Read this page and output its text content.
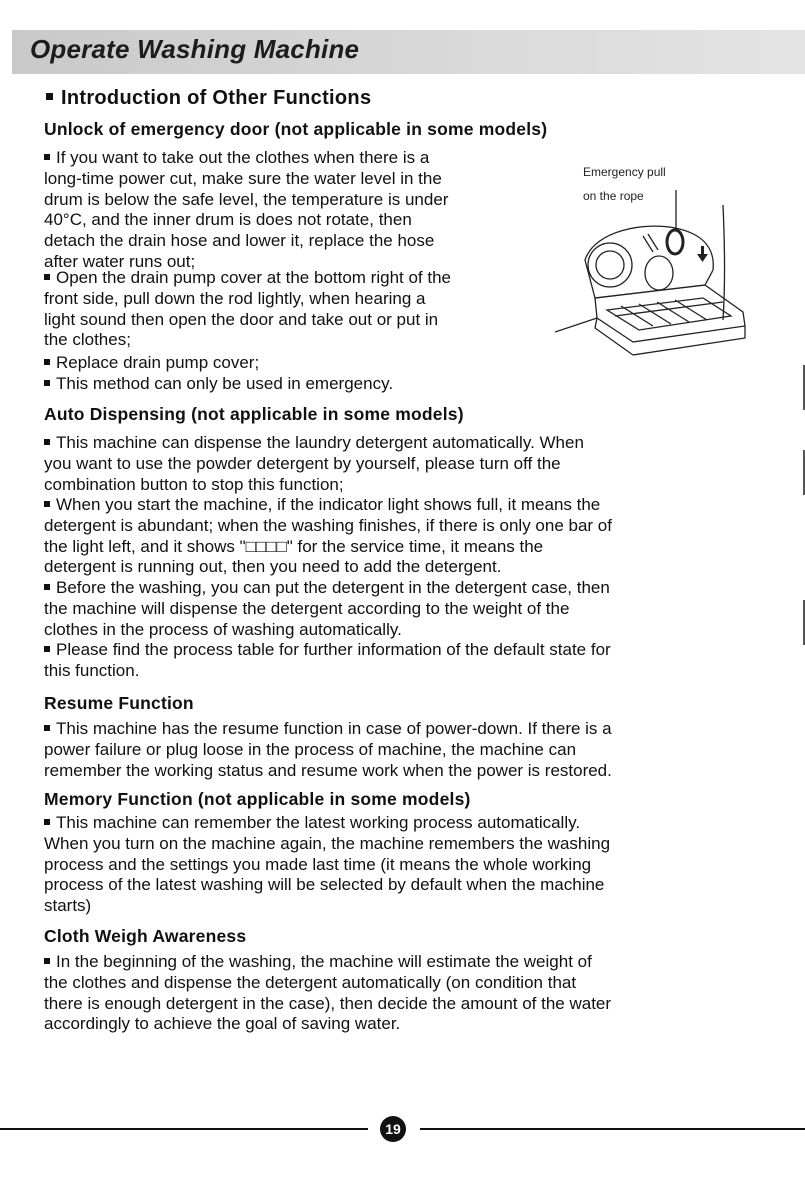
Operate Washing Machine
Introduction of Other Functions
Unlock of emergency door (not applicable in some models)
If you want to take out the clothes when there is a
long-time power cut, make sure the water level in the
drum is below the safe level, the temperature is under
40°C, and the inner drum is does not rotate, then
detach the drain hose and lower it, replace the hose
after water runs out;
Open the drain pump cover at the bottom right of the
front side, pull down the rod lightly, when hearing a
light sound then open the door and take out or put in
the clothes;
Replace drain pump cover;
This method can only be used in emergency.
Emergency pull
on the rope
Auto Dispensing (not applicable in some models)
This machine can dispense the laundry detergent automatically. When
you want to use the powder detergent by yourself, please turn off the
combination button to stop this function;
When you start the machine, if the indicator light shows full, it means the
detergent is abundant; when the washing finishes, if there is only one bar of
the light left, and it shows "□□□□" for the service time, it means the
detergent is running out, then you need to add the detergent.
Before the washing, you can put the detergent in the detergent case, then
the machine will dispense the detergent according to the weight of the
clothes in the process of washing automatically.
Please find the process table for further information of the default state for
this function.
Resume Function
This machine has the resume function in case of power-down. If there is a
power failure or plug loose in the process of machine, the machine can
remember the working status and resume work when the power is restored.
Memory Function (not applicable in some models)
This machine can remember the latest working process automatically.
When you turn on the machine again, the machine remembers the washing
process and the settings you made last time (it means the whole working
process of the latest washing will be selected by default when the machine
starts)
Cloth Weigh Awareness
In the beginning of the washing, the machine will estimate the weight of
the clothes and dispense the detergent automatically (on condition that
there is enough detergent in the case), then decide the amount of the water
accordingly to achieve the goal of saving water.
19
